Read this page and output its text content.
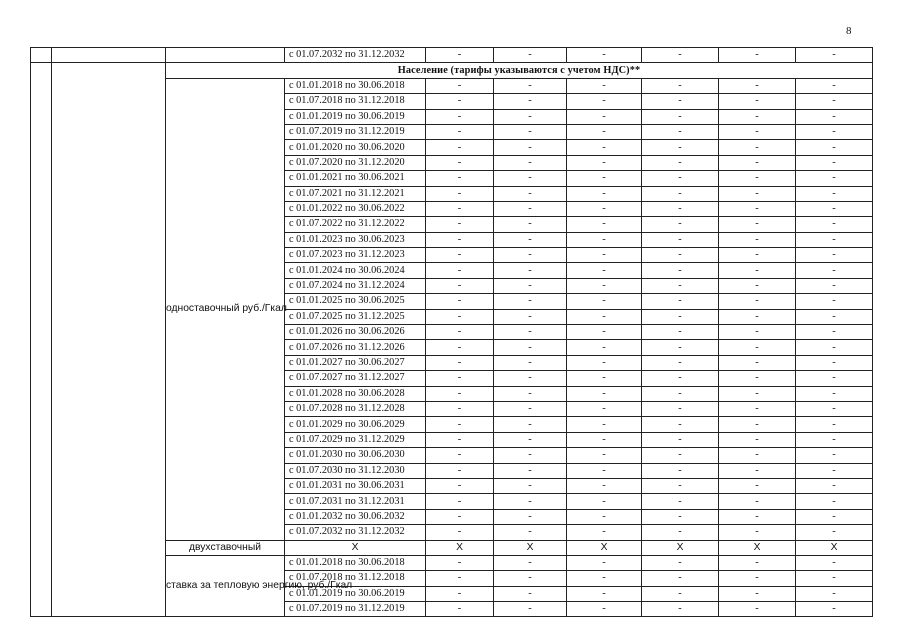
8
			с 01.07.2032 по 31.12.2032	-	-	-	-	-	-
		Население (тарифы указываются с учетом НДС)**							
		одноставочный руб./Гкал	с 01.01.2018 по 30.06.2018	-	-	-	-	-	-
			с 01.07.2018 по 31.12.2018	-	-	-	-	-	-
			с 01.01.2019 по 30.06.2019	-	-	-	-	-	-
			с 01.07.2019 по 31.12.2019	-	-	-	-	-	-
			с 01.01.2020 по 30.06.2020	-	-	-	-	-	-
			с 01.07.2020 по 31.12.2020	-	-	-	-	-	-
			с 01.01.2021 по 30.06.2021	-	-	-	-	-	-
			с 01.07.2021 по 31.12.2021	-	-	-	-	-	-
			с 01.01.2022 по 30.06.2022	-	-	-	-	-	-
			с 01.07.2022 по 31.12.2022	-	-	-	-	-	-
			с 01.01.2023 по 30.06.2023	-	-	-	-	-	-
			с 01.07.2023 по 31.12.2023	-	-	-	-	-	-
			с 01.01.2024 по 30.06.2024	-	-	-	-	-	-
			с 01.07.2024 по 31.12.2024	-	-	-	-	-	-
			с 01.01.2025 по 30.06.2025	-	-	-	-	-	-
			с 01.07.2025 по 31.12.2025	-	-	-	-	-	-
			с 01.01.2026 по 30.06.2026	-	-	-	-	-	-
			с 01.07.2026 по 31.12.2026	-	-	-	-	-	-
			с 01.01.2027 по 30.06.2027	-	-	-	-	-	-
			с 01.07.2027 по 31.12.2027	-	-	-	-	-	-
			с 01.01.2028 по 30.06.2028	-	-	-	-	-	-
			с 01.07.2028 по 31.12.2028	-	-	-	-	-	-
			с 01.01.2029 по 30.06.2029	-	-	-	-	-	-
			с 01.07.2029 по 31.12.2029	-	-	-	-	-	-
			с 01.01.2030 по 30.06.2030	-	-	-	-	-	-
			с 01.07.2030 по 31.12.2030	-	-	-	-	-	-
			с 01.01.2031 по 30.06.2031	-	-	-	-	-	-
			с 01.07.2031 по 31.12.2031	-	-	-	-	-	-
			с 01.01.2032 по 30.06.2032	-	-	-	-	-	-
			с 01.07.2032 по 31.12.2032	-	-	-	-	-	-
		двухставочный	X	X	X	X	X	X	X
		ставка за тепловую энергию, руб./Гкал	с 01.01.2018 по 30.06.2018	-	-	-	-	-	-
			с 01.07.2018 по 31.12.2018	-	-	-	-	-	-
			с 01.01.2019 по 30.06.2019	-	-	-	-	-	-
			с 01.07.2019 по 31.12.2019	-	-	-	-	-	-
